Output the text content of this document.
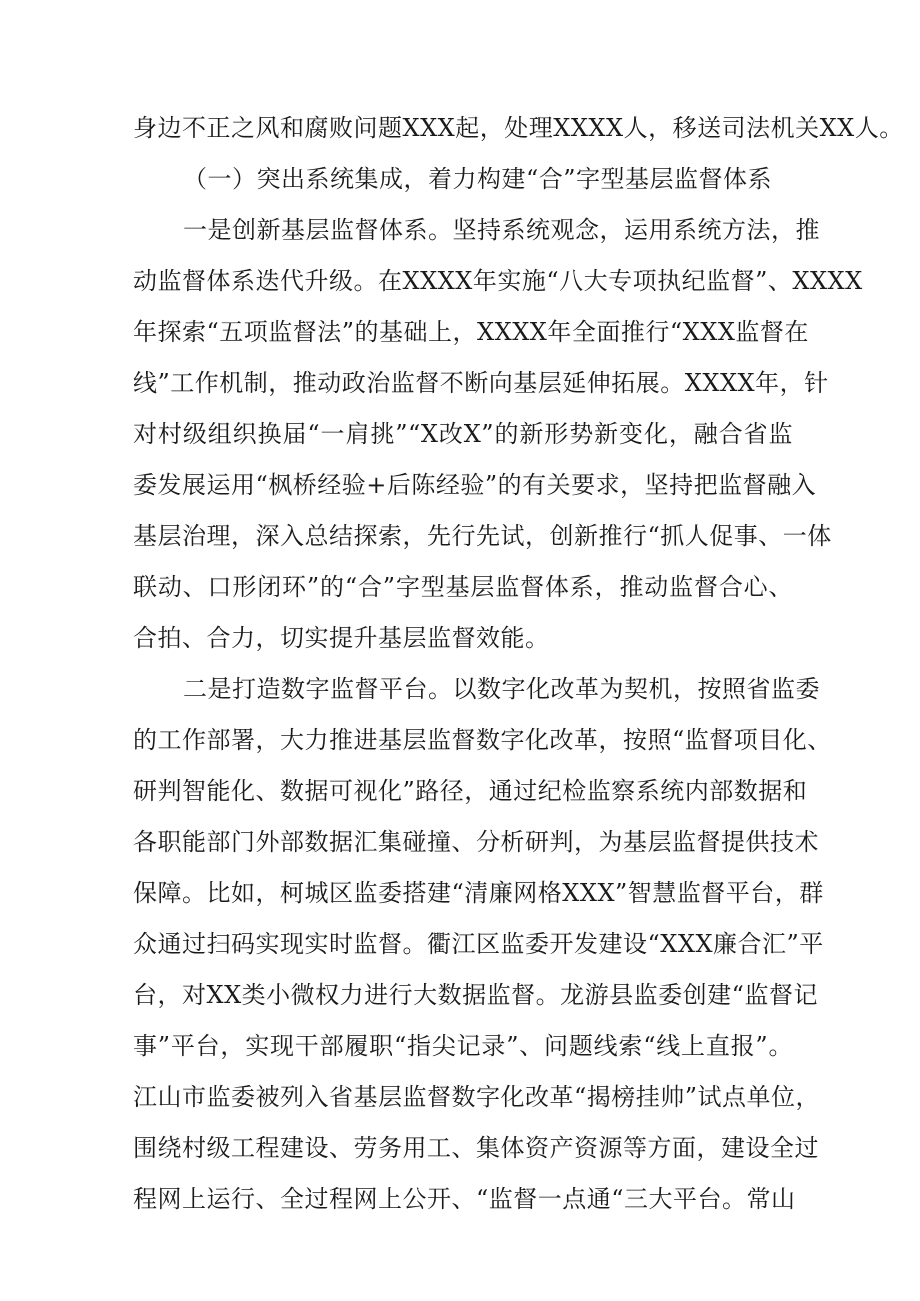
身边不正之风和腐败问题XXX起，处理XXXX人，移送司法机关XX人。
（一）突出系统集成，着力构建“合”字型基层监督体系
一是创新基层监督体系。坚持系统观念，运用系统方法，推
动监督体系迭代升级。在XXXX年实施“八大专项执纪监督”、XXXX
年探索“五项监督法”的基础上，XXXX年全面推行“XXX监督在
线”工作机制，推动政治监督不断向基层延伸拓展。XXXX年，针
对村级组织换届“一肩挑”“X改X”的新形势新变化，融合省监
委发展运用“枫桥经验+后陈经验”的有关要求，坚持把监督融入
基层治理，深入总结探索，先行先试，创新推行“抓人促事、一体
联动、口形闭环”的“合”字型基层监督体系，推动监督合心、
合拍、合力，切实提升基层监督效能。
二是打造数字监督平台。以数字化改革为契机，按照省监委
的工作部署，大力推进基层监督数字化改革，按照“监督项目化、
研判智能化、数据可视化”路径，通过纪检监察系统内部数据和
各职能部门外部数据汇集碰撞、分析研判，为基层监督提供技术
保障。比如，柯城区监委搭建“清廉网格XXX”智慧监督平台，群
众通过扫码实现实时监督。衢江区监委开发建设“XXX廉合汇”平
台，对XX类小微权力进行大数据监督。龙游县监委创建“监督记
事”平台，实现干部履职“指尖记录”、问题线索“线上直报”。
江山市监委被列入省基层监督数字化改革“揭榜挂帅”试点单位，
围绕村级工程建设、劳务用工、集体资产资源等方面，建设全过
程网上运行、全过程网上公开、“监督一点通“三大平台。常山
